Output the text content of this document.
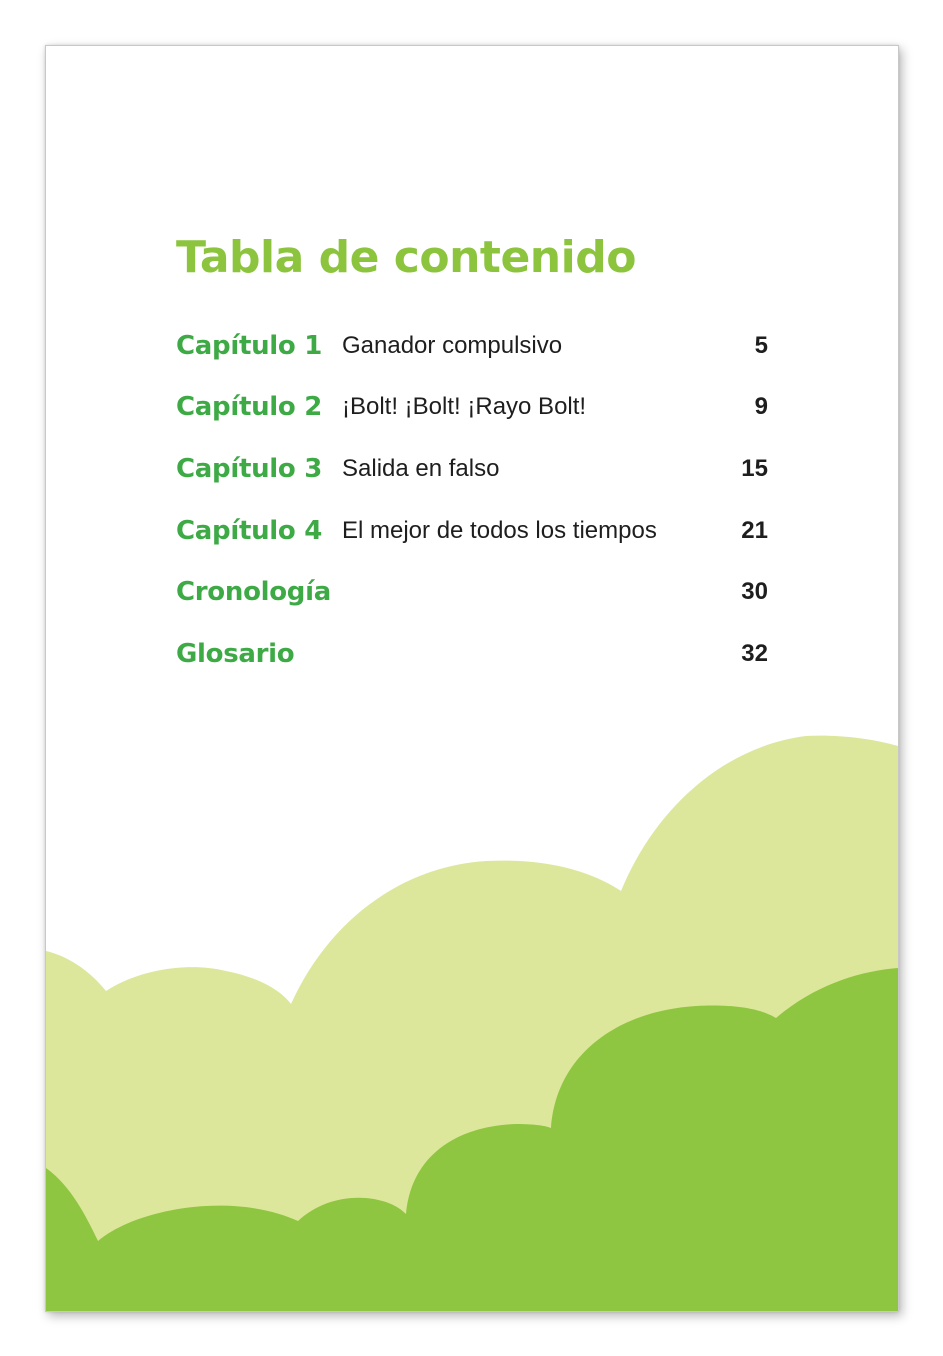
Tabla de contenido
Capítulo 1 Ganador compulsivo	5
Capítulo 2 ¡Bolt! ¡Bolt! ¡Rayo Bolt!	9
Capítulo 3 Salida en falso	15
Capítulo 4 El mejor de todos los tiempos	21
Cronología	30
Glosario	32
